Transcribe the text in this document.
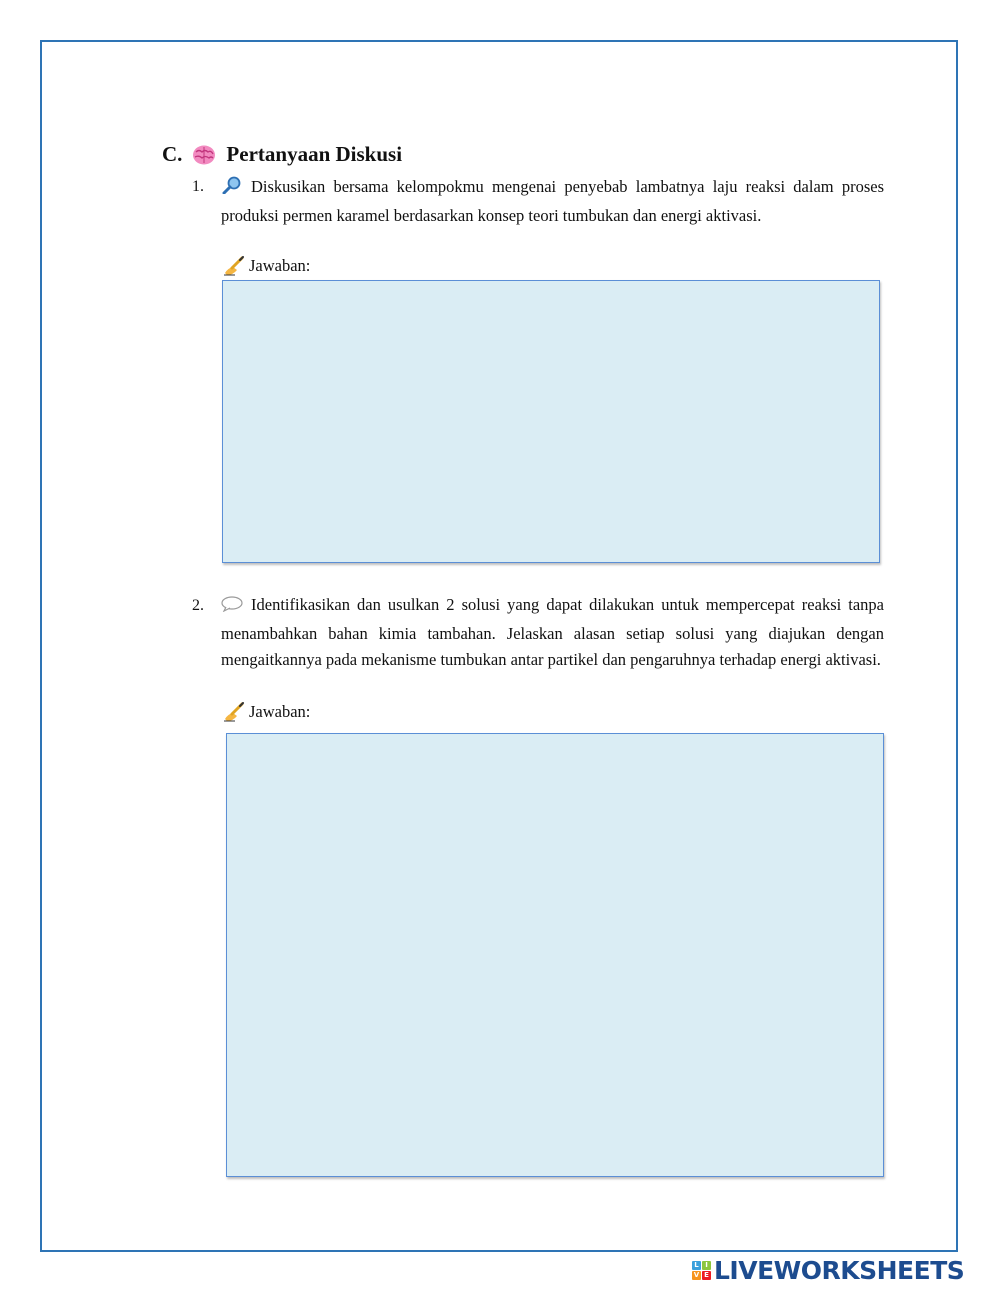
C. Pertanyaan Diskusi
1.	Diskusikan bersama kelompokmu mengenai penyebab lambatnya laju reaksi dalam proses produksi permen karamel berdasarkan konsep teori tumbukan dan energi aktivasi.
Jawaban:
2.	Identifikasikan dan usulkan 2 solusi yang dapat dilakukan untuk mempercepat reaksi tanpa menambahkan bahan kimia tambahan. Jelaskan alasan setiap solusi yang diajukan dengan mengaitkannya pada mekanisme tumbukan antar partikel dan pengaruhnya terhadap energi aktivasi.
Jawaban:
L I
V E LIVEWORKSHEETS
